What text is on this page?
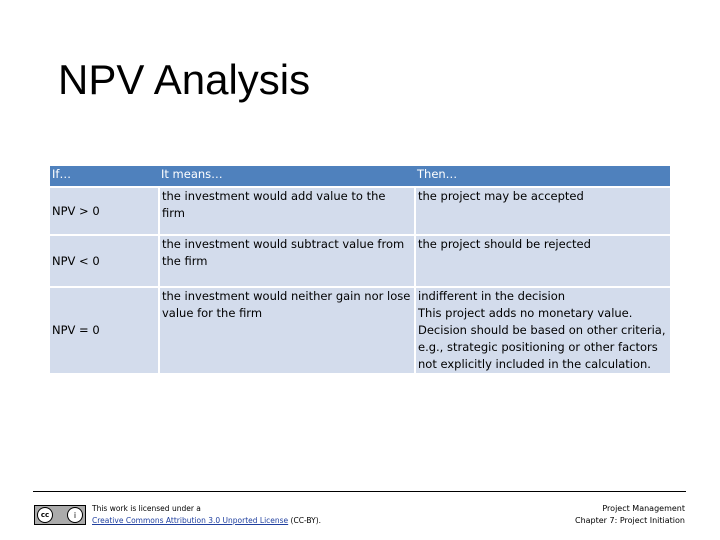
NPV Analysis
If…	It means…	Then…
NPV > 0	the investment would add value to the firm	the project may be accepted
NPV < 0	the investment would subtract value from the firm	the project should be rejected
NPV = 0	the investment would neither gain nor lose value for the firm	indifferent in the decision
This project adds no monetary value. Decision should be based on other criteria, e.g., strategic positioning or other factors not explicitly included in the calculation.
cc	i
This work is licensed under a
Creative Commons Attribution 3.0 Unported License (CC-BY).
Project Management
Chapter 7: Project Initiation
